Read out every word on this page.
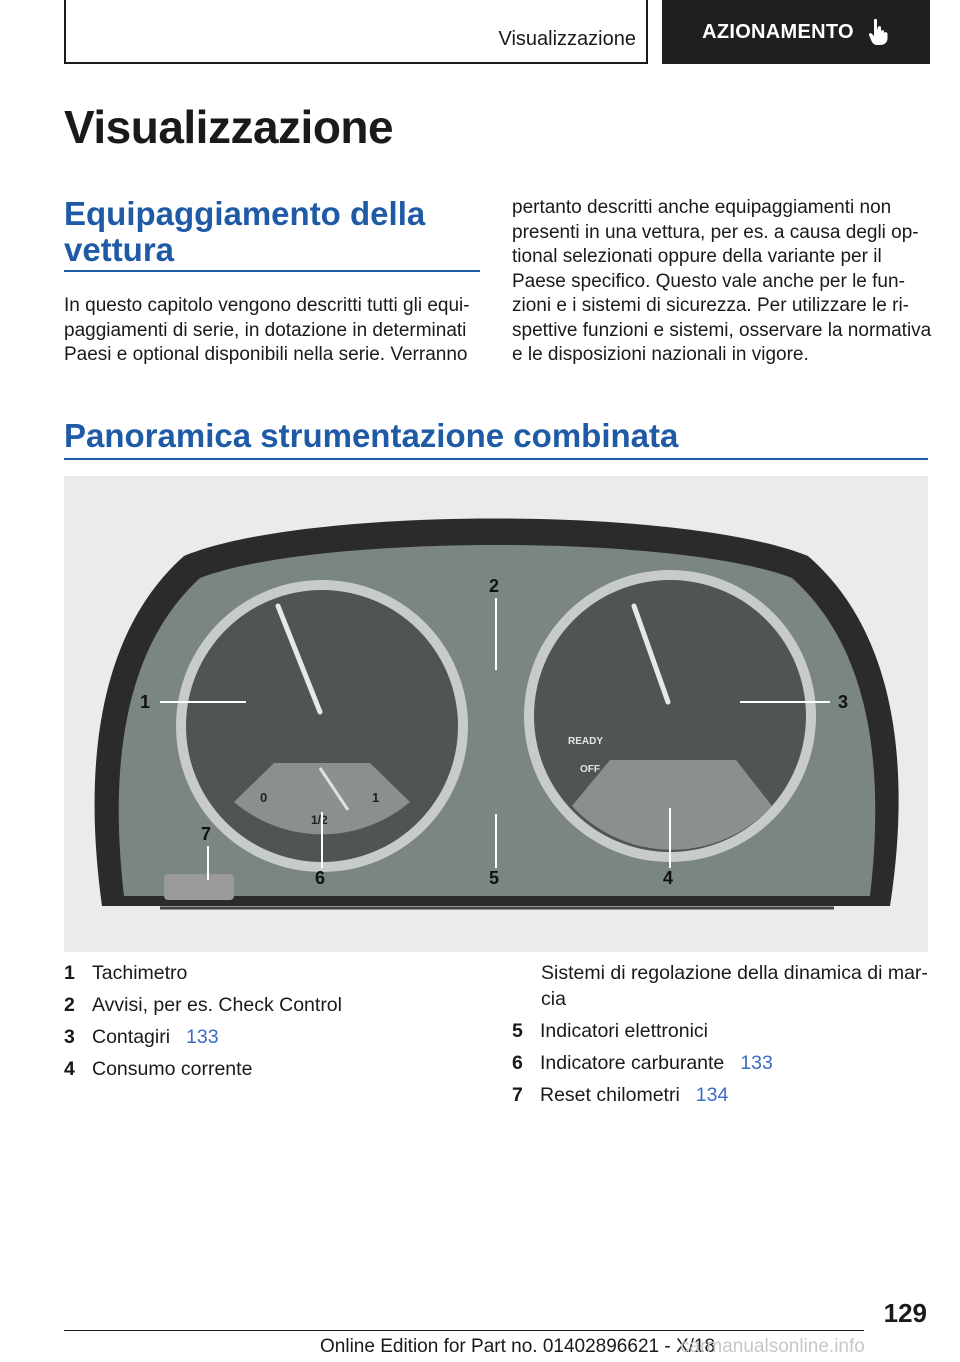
Visualizzazione	AZIONAMENTO
Visualizzazione
Equipaggiamento della
vettura
In questo capitolo vengono descritti tutti gli equi-
paggiamenti di serie, in dotazione in determinati
Paesi e optional disponibili nella serie. Verranno
pertanto descritti anche equipaggiamenti non
presenti in una vettura, per es. a causa degli op-
tional selezionati oppure della variante per il
Paese specifico. Questo vale anche per le fun-
zioni e i sistemi di sicurezza. Per utilizzare le ri-
spettive funzioni e sistemi, osservare la normativa
e le disposizioni nazionali in vigore.
Panoramica strumentazione combinata
0	1
1/2
READY
OFF
1
2
3
4
5
6
7
1 Tachimetro
2 Avvisi, per es. Check Control
3 Contagiri 133
4 Consumo corrente
Sistemi di regolazione della dinamica di mar-
cia
5 Indicatori elettronici
6 Indicatore carburante 133
7 Reset chilometri 134
129
Online Edition for Part no. 01402896621 - X/18
carmanualsonline.info
